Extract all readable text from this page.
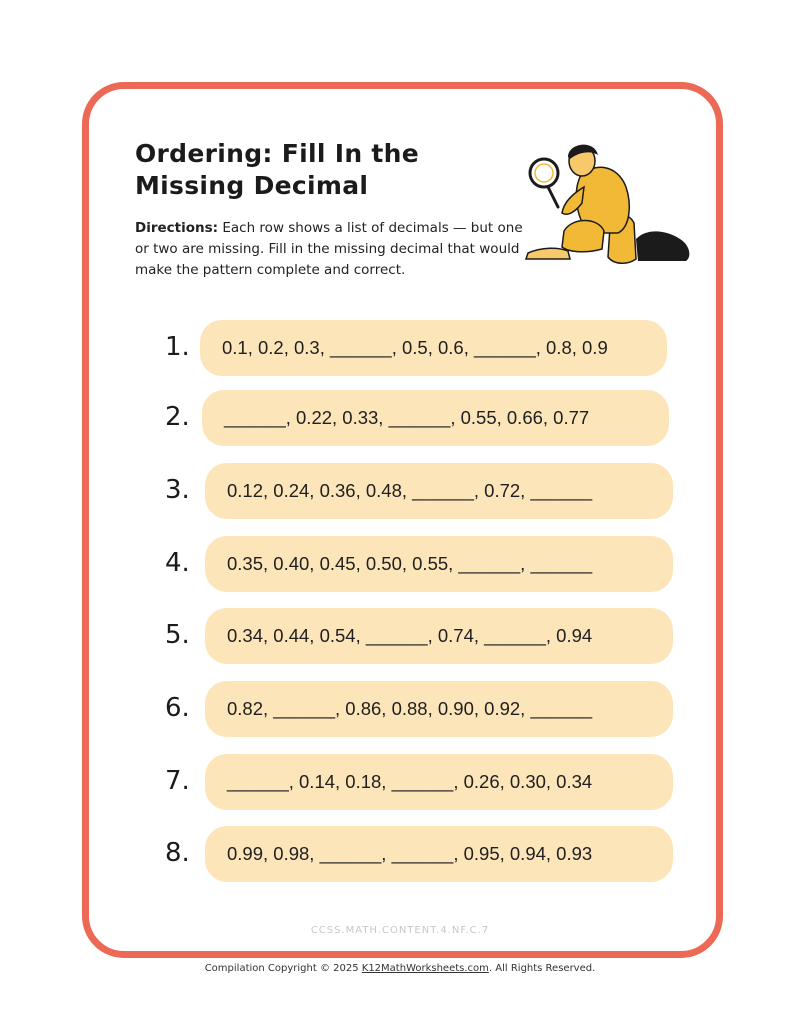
Ordering: Fill In the
Missing Decimal

Directions: Each row shows a list of decimals — but one or two are missing. Fill in the missing decimal that would make the pattern complete and correct.

1.	0.1, 0.2, 0.3, ______, 0.5, 0.6, ______, 0.8, 0.9
2.	______, 0.22, 0.33, ______, 0.55, 0.66, 0.77
3.	0.12, 0.24, 0.36, 0.48, ______, 0.72, ______
4.	0.35, 0.40, 0.45, 0.50, 0.55, ______, ______
5.	0.34, 0.44, 0.54, ______, 0.74, ______, 0.94
6.	0.82, ______, 0.86, 0.88, 0.90, 0.92, ______
7.	______, 0.14, 0.18, ______, 0.26, 0.30, 0.34
8.	0.99, 0.98, ______, ______, 0.95, 0.94, 0.93
CCSS.MATH.CONTENT.4.NF.C.7
Compilation Copyright © 2025 K12MathWorksheets.com. All Rights Reserved.
